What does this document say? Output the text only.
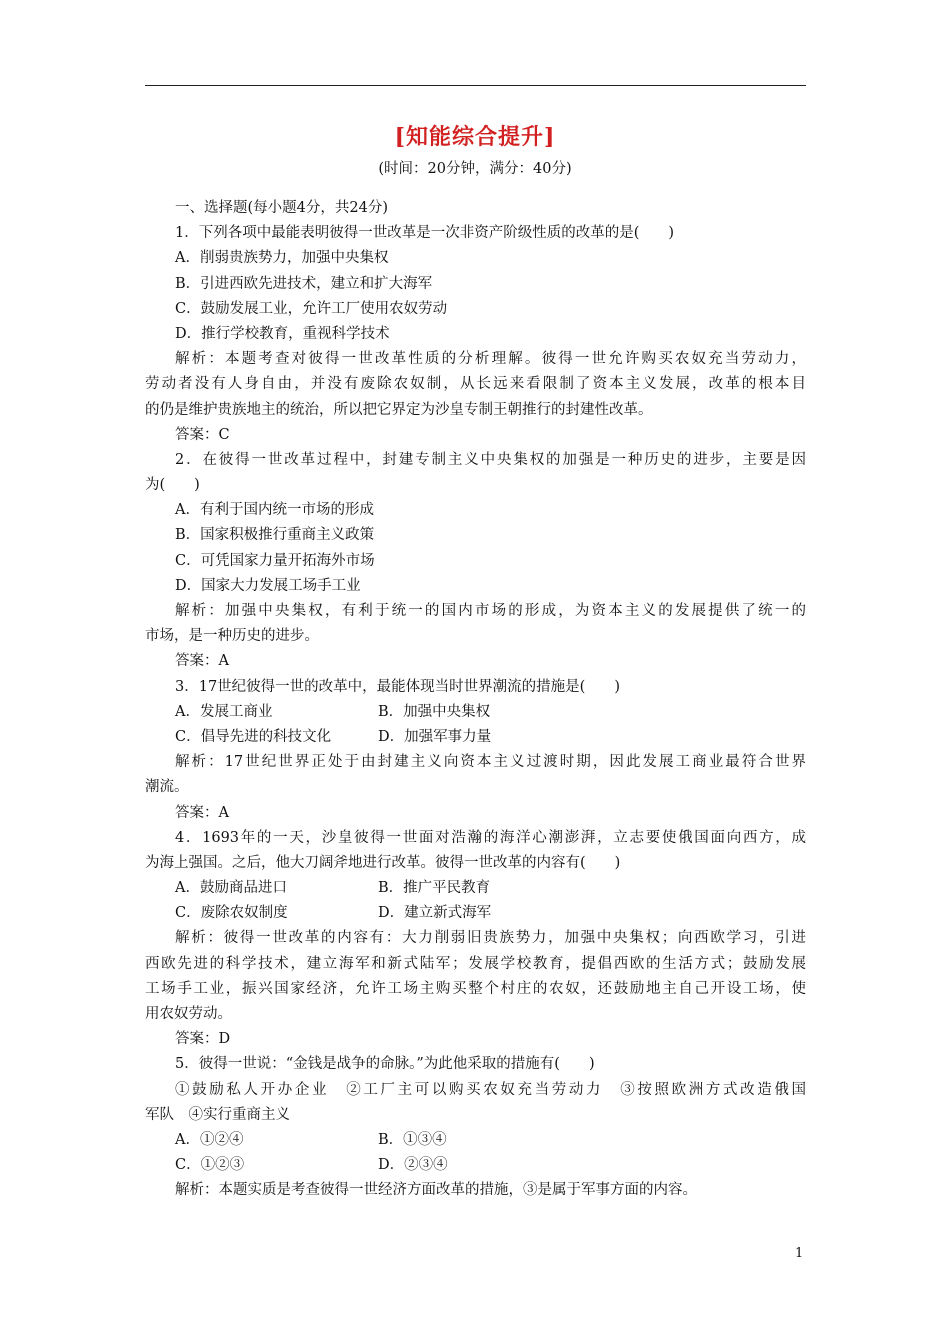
[知能综合提升]
(时间：20分钟，满分：40分)
一、选择题(每小题4分，共24分)
1．下列各项中最能表明彼得一世改革是一次非资产阶级性质的改革的是(　　)
A．削弱贵族势力，加强中央集权
B．引进西欧先进技术，建立和扩大海军
C．鼓励发展工业，允许工厂使用农奴劳动
D．推行学校教育，重视科学技术
解析：本题考查对彼得一世改革性质的分析理解。彼得一世允许购买农奴充当劳动力，
劳动者没有人身自由，并没有废除农奴制，从长远来看限制了资本主义发展，改革的根本目
的仍是维护贵族地主的统治，所以把它界定为沙皇专制王朝推行的封建性改革。
答案：C
2．在彼得一世改革过程中，封建专制主义中央集权的加强是一种历史的进步，主要是因
为(　　)
A．有利于国内统一市场的形成
B．国家积极推行重商主义政策
C．可凭国家力量开拓海外市场
D．国家大力发展工场手工业
解析：加强中央集权，有利于统一的国内市场的形成，为资本主义的发展提供了统一的
市场，是一种历史的进步。
答案：A
3．17世纪彼得一世的改革中，最能体现当时世界潮流的措施是(　　)
A．发展工商业	B．加强中央集权
C．倡导先进的科技文化	D．加强军事力量
解析：17世纪世界正处于由封建主义向资本主义过渡时期，因此发展工商业最符合世界
潮流。
答案：A
4．1693年的一天，沙皇彼得一世面对浩瀚的海洋心潮澎湃，立志要使俄国面向西方，成
为海上强国。之后，他大刀阔斧地进行改革。彼得一世改革的内容有(　　)
A．鼓励商品进口	B．推广平民教育
C．废除农奴制度	D．建立新式海军
解析：彼得一世改革的内容有：大力削弱旧贵族势力，加强中央集权；向西欧学习，引进
西欧先进的科学技术，建立海军和新式陆军；发展学校教育，提倡西欧的生活方式；鼓励发展
工场手工业，振兴国家经济，允许工场主购买整个村庄的农奴，还鼓励地主自己开设工场，使
用农奴劳动。
答案：D
5．彼得一世说：“金钱是战争的命脉。”为此他采取的措施有(　　)
①鼓励私人开办企业　②工厂主可以购买农奴充当劳动力　③按照欧洲方式改造俄国
军队　④实行重商主义
A．①②④	B．①③④
C．①②③	D．②③④
解析：本题实质是考查彼得一世经济方面改革的措施，③是属于军事方面的内容。
1
